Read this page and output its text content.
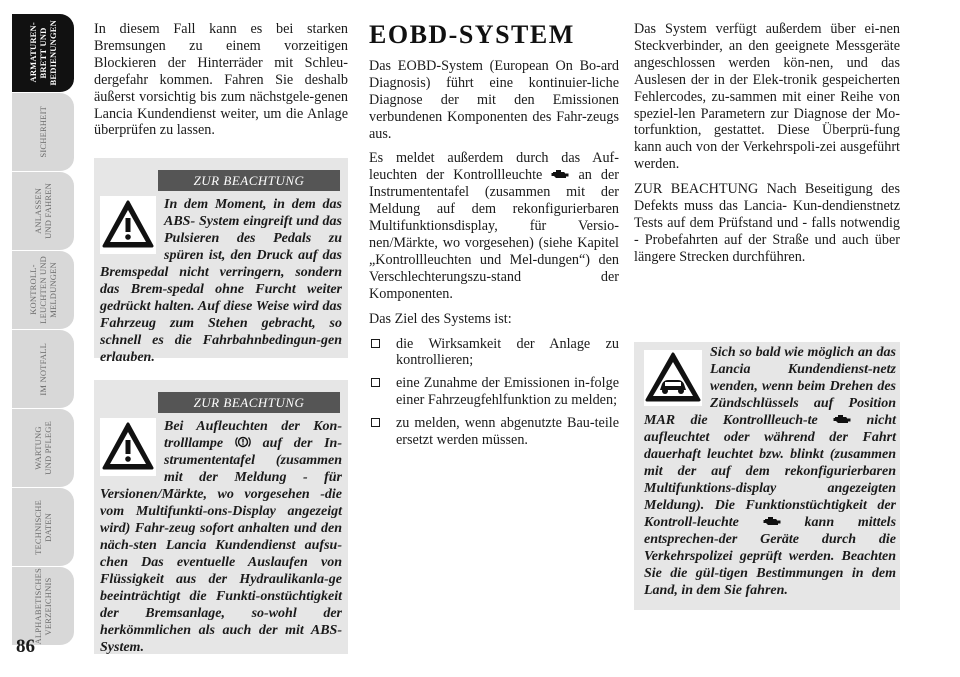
ARMATUREN-
BRETT UND
BEDIENUNGEN
SICHERHEIT
ANLASSEN
UND FAHREN
KONTROLL-
LEUCHTEN UND
MELDUNGEN
IM NOTFALL
WARTUNG
UND PFLEGE
TECHNISCHE
DATEN
ALPHABETISCHES
VERZEICHNIS
86

In diesem Fall kann es bei starken Bremsungen zu einem vorzeitigen Blockieren der Hinterräder mit Schleu-dergefahr kommen. Fahren Sie deshalb äußerst vorsichtig bis zum nächstgele-genen Lancia Kundendienst weiter, um die Anlage überprüfen zu lassen.

ZUR BEACHTUNG
In dem Moment, in dem das ABS- System eingreift und das Pulsieren des Pedals zu spüren ist, den Druck auf das Bremspedal nicht verringern, sondern das Brem-spedal ohne Furcht weiter gedrückt halten. Auf diese Weise wird das Fahrzeug zum Stehen gebracht, so schnell es die Fahrbahnbedingun-gen erlauben.
ZUR BEACHTUNG
Bei Aufleuchten der Kon-trolllampe	auf der In-strumententafel (zusammen mit der Meldung - für Versionen/Märkte, wo vorgesehen -die vom Multifunkti-ons-Display angezeigt wird) Fahr-zeug sofort anhalten und den näch-sten Lancia Kundendienst aufsu-chen Das eventuelle Auslaufen von Flüssigkeit aus der Hydraulikanla-ge beeinträchtigt die Funkti-onstüchtigkeit der Bremsanlage, so-wohl der herkömmlichen als auch der mit ABS-System.
EOBD-SYSTEM

Das EOBD-System (European On Bo-ard Diagnosis) führt eine kontinuier-liche Diagnose der mit den Emissionen verbundenen Komponenten des Fahr-zeugs aus.

Es meldet außerdem durch das Auf-leuchten der Kontrollleuchte	an der Instrumententafel (zusammen mit der Meldung auf dem rekonfigurierbaren Multifunktionsdisplay, für Versio-nen/Märkte, wo vorgesehen) (siehe Kapitel „Kontrollleuchten und Mel-dungen“) den Verschlechterungszu-stand der Komponenten.

Das Ziel des Systems ist:

die Wirksamkeit der Anlage zu kontrollieren;
eine Zunahme der Emissionen in-folge einer Fahrzeugfehlfunktion zu melden;
zu melden, wenn abgenutzte Bau-teile ersetzt werden müssen.

Das System verfügt außerdem über ei-nen Steckverbinder, an den geeignete Messgeräte angeschlossen werden kön-nen, und das Auslesen der in der Elek-tronik gespeicherten Fehlercodes, zu-sammen mit einer Reihe von speziel-len Parametern zur Diagnose der Mo-torfunktion, gestattet. Diese Überprü-fung kann auch von der Verkehrspoli-zei ausgeführt werden.

ZUR BEACHTUNG Nach Beseitigung des Defekts muss das Lancia- Kun-dendienstnetz Tests auf dem Prüfstand und - falls notwendig - Probefahrten auf der Straße und auch über längere Strecken durchführen.

Sich so bald wie möglich an das Lancia Kundendienst-netz wenden, wenn beim Drehen des Zündschlüssels auf Position MAR die Kontrollleuch-te	nicht aufleuchtet oder während der Fahrt dauerhaft leuchtet bzw. blinkt (zusammen mit der auf dem rekonfigurierbaren Multifunktions-display angezeigten Meldung). Die Funktionstüchtigkeit der Kontroll-leuchte	kann mittels entsprechen-der Geräte durch die Verkehrspolizei geprüft werden. Beachten Sie die gül-tigen Bestimmungen in dem Land, in dem Sie fahren.
